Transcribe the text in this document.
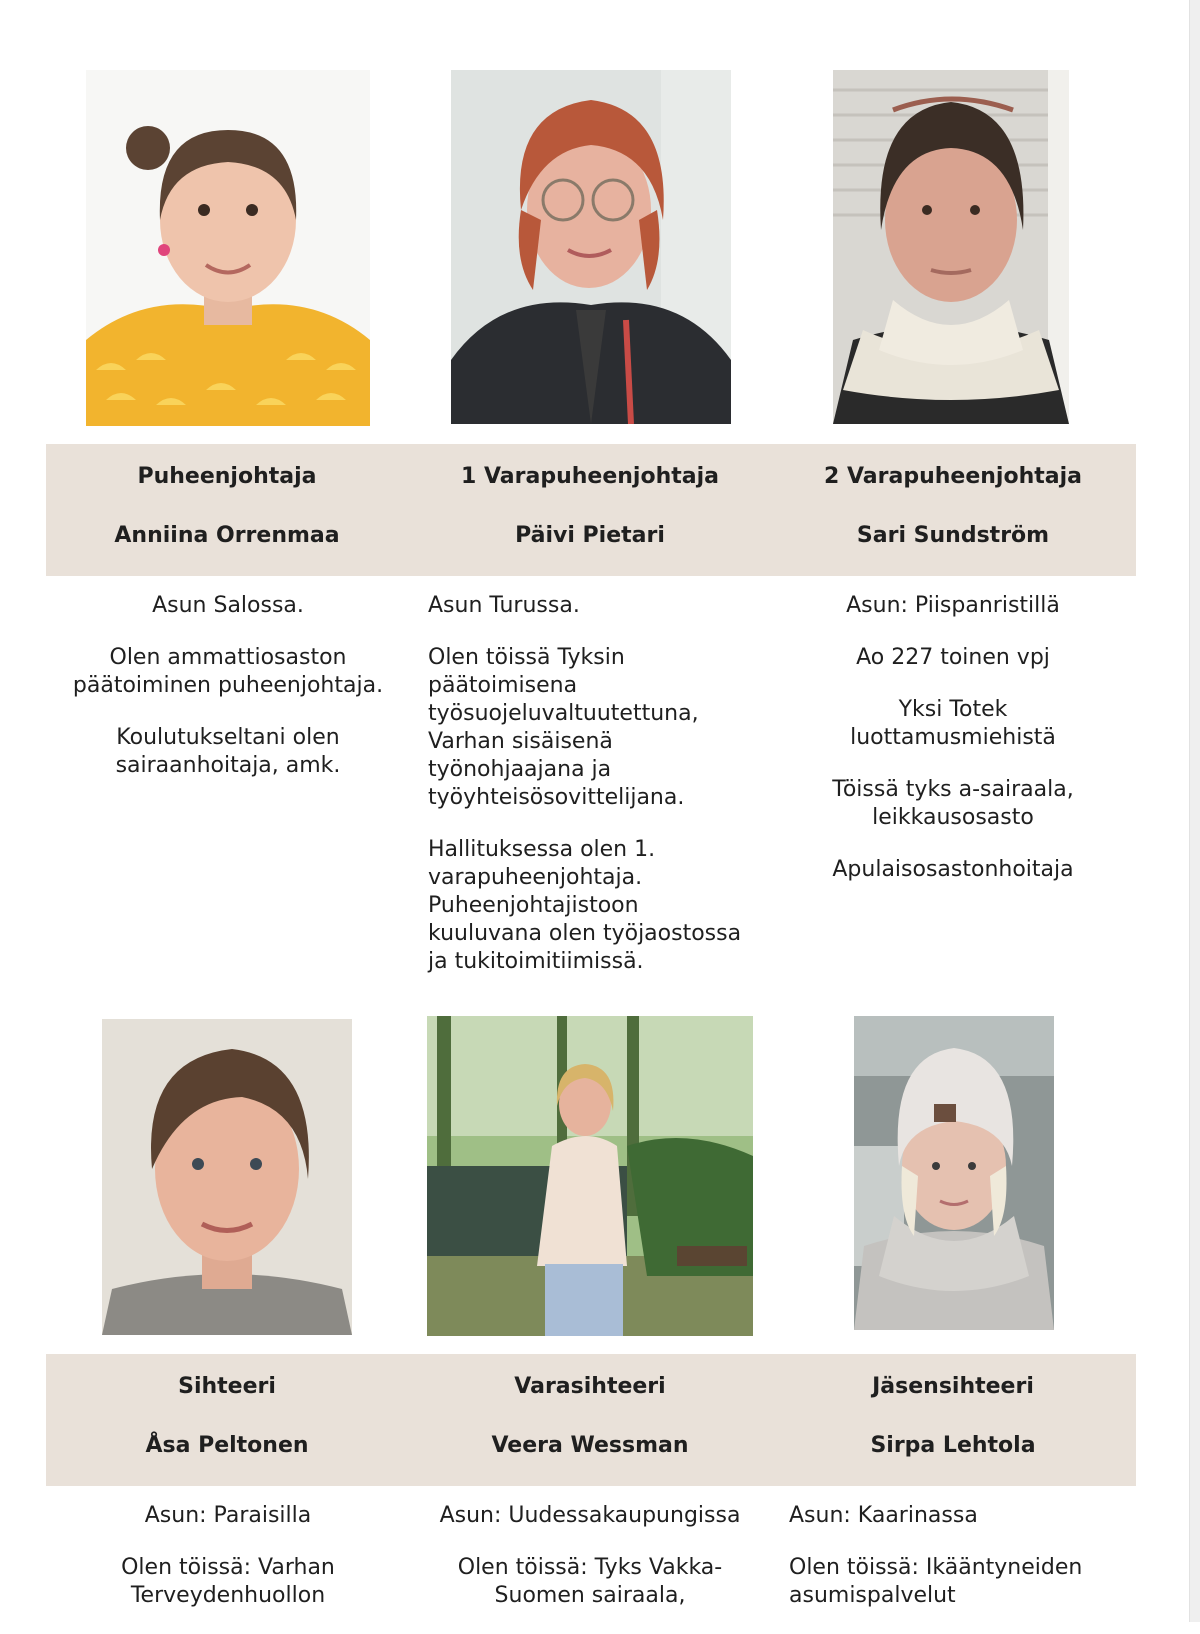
Puheenjohtaja
Anniina Orrenmaa
1 Varapuheenjohtaja
Päivi Pietari
2 Varapuheenjohtaja
Sari Sundström

Asun Salossa.

Olen ammattiosaston päätoiminen puheenjohtaja.

Koulutukseltani olen sairaanhoitaja, amk.

Asun Turussa.

Olen töissä Tyksin päätoimisena työsuojeluvaltuutettuna, Varhan sisäisenä työnohjaajana ja työyhteisösovittelijana.

Hallituksessa olen 1. varapuheenjohtaja. Puheenjohtajistoon kuuluvana olen työjaostossa ja tukitoimitiimissä.

Asun: Piispanristillä

Ao 227 toinen vpj

Yksi Totek luottamusmiehistä

Töissä tyks a-sairaala, leikkausosasto

Apulaisosastonhoitaja

Sihteeri
Åsa Peltonen
Varasihteeri
Veera Wessman
Jäsensihteeri
Sirpa Lehtola

Asun: Paraisilla

Olen töissä: Varhan Terveydenhuollon

Asun: Uudessakaupungissa

Olen töissä: Tyks Vakka-Suomen sairaala,

Asun: Kaarinassa

Olen töissä: Ikääntyneiden asumispalvelut
